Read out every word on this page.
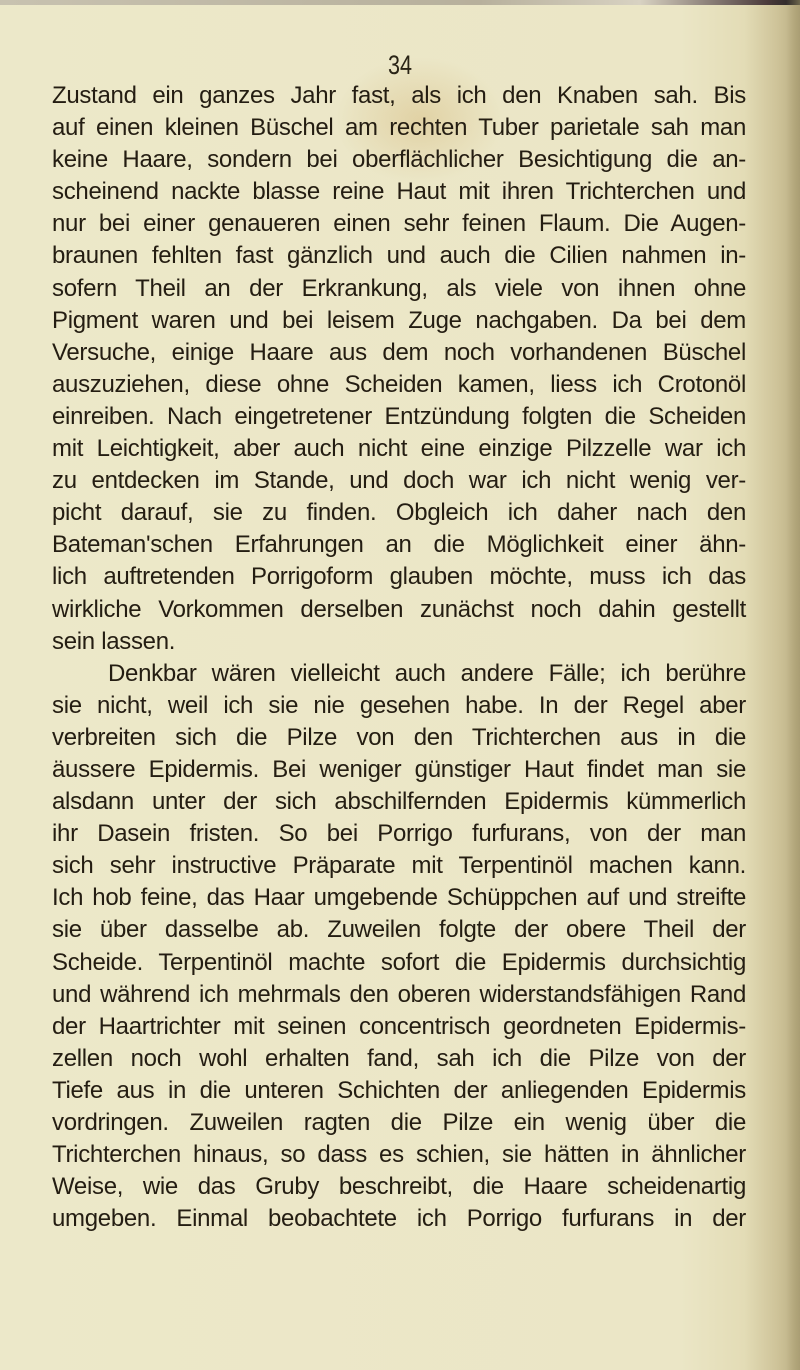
34
Zustand ein ganzes Jahr fast, als ich den Knaben sah. Bis
auf einen kleinen Büschel am rechten Tuber parietale sah man
keine Haare, sondern bei oberflächlicher Besichtigung die an-
scheinend nackte blasse reine Haut mit ihren Trichterchen und
nur bei einer genaueren einen sehr feinen Flaum. Die Augen-
braunen fehlten fast gänzlich und auch die Cilien nahmen in-
sofern Theil an der Erkrankung, als viele von ihnen ohne
Pigment waren und bei leisem Zuge nachgaben. Da bei dem
Versuche, einige Haare aus dem noch vorhandenen Büschel
auszuziehen, diese ohne Scheiden kamen, liess ich Crotonöl
einreiben. Nach eingetretener Entzündung folgten die Scheiden
mit Leichtigkeit, aber auch nicht eine einzige Pilzzelle war ich
zu entdecken im Stande, und doch war ich nicht wenig ver-
picht darauf, sie zu finden. Obgleich ich daher nach den
Bateman'schen Erfahrungen an die Möglichkeit einer ähn-
lich auftretenden Porrigoform glauben möchte, muss ich das
wirkliche Vorkommen derselben zunächst noch dahin gestellt
sein lassen.
Denkbar wären vielleicht auch andere Fälle; ich berühre
sie nicht, weil ich sie nie gesehen habe. In der Regel aber
verbreiten sich die Pilze von den Trichterchen aus in die
äussere Epidermis. Bei weniger günstiger Haut findet man sie
alsdann unter der sich abschilfernden Epidermis kümmerlich
ihr Dasein fristen. So bei Porrigo furfurans, von der man
sich sehr instructive Präparate mit Terpentinöl machen kann.
Ich hob feine, das Haar umgebende Schüppchen auf und streifte
sie über dasselbe ab. Zuweilen folgte der obere Theil der
Scheide. Terpentinöl machte sofort die Epidermis durchsichtig
und während ich mehrmals den oberen widerstandsfähigen Rand
der Haartrichter mit seinen concentrisch geordneten Epidermis-
zellen noch wohl erhalten fand, sah ich die Pilze von der
Tiefe aus in die unteren Schichten der anliegenden Epidermis
vordringen. Zuweilen ragten die Pilze ein wenig über die
Trichterchen hinaus, so dass es schien, sie hätten in ähnlicher
Weise, wie das Gruby beschreibt, die Haare scheidenartig
umgeben. Einmal beobachtete ich Porrigo furfurans in der
